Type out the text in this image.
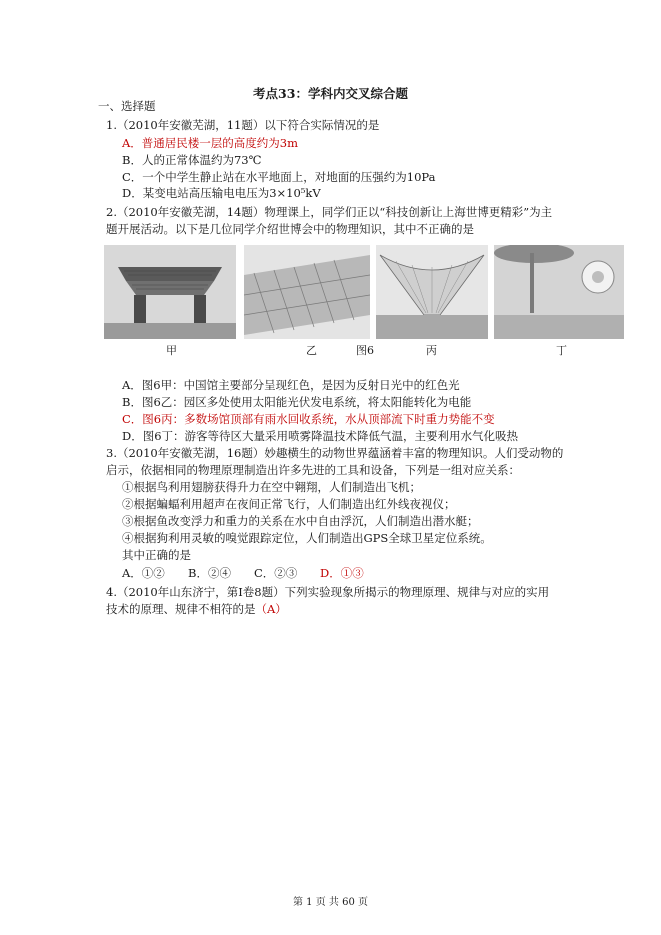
考点33：学科内交叉综合题
一、选择题
1.（2010年安徽芜湖，11题）以下符合实际情况的是
A．普通居民楼一层的高度约为3m
B．人的正常体温约为73℃
C．一个中学生静止站在水平地面上，对地面的压强约为10Pa
D．某变电站高压输电电压为3×10⁵kV
2.（2010年安徽芜湖，14题）物理课上，同学们正以“科技创新让上海世博更精彩”为主
题开展活动。以下是几位同学介绍世博会中的物理知识，其中不正确的是
甲	乙	图6	丙	丁
A．图6甲：中国馆主要部分呈现红色，是因为反射日光中的红色光
B．图6乙：园区多处使用太阳能光伏发电系统，将太阳能转化为电能
C．图6丙：多数场馆顶部有雨水回收系统，水从顶部流下时重力势能不变
D．图6丁：游客等待区大量采用喷雾降温技术降低气温，主要利用水气化吸热
3.（2010年安徽芜湖，16题）妙趣横生的动物世界蕴涵着丰富的物理知识。人们受动物的
启示，依据相同的物理原理制造出许多先进的工具和设备，下列是一组对应关系：
①根据鸟利用翅膀获得升力在空中翱翔，人们制造出飞机；
②根据蝙蝠利用超声在夜间正常飞行，人们制造出红外线夜视仪；
③根据鱼改变浮力和重力的关系在水中自由浮沉，人们制造出潜水艇；
④根据狗利用灵敏的嗅觉跟踪定位，人们制造出GPS全球卫星定位系统。
其中正确的是
A．①② B．②④ C．②③ D．①③
4.（2010年山东济宁，第Ⅰ卷8题）下列实验现象所揭示的物理原理、规律与对应的实用
技术的原理、规律不相符的是（A）
第 1 页 共 60 页
